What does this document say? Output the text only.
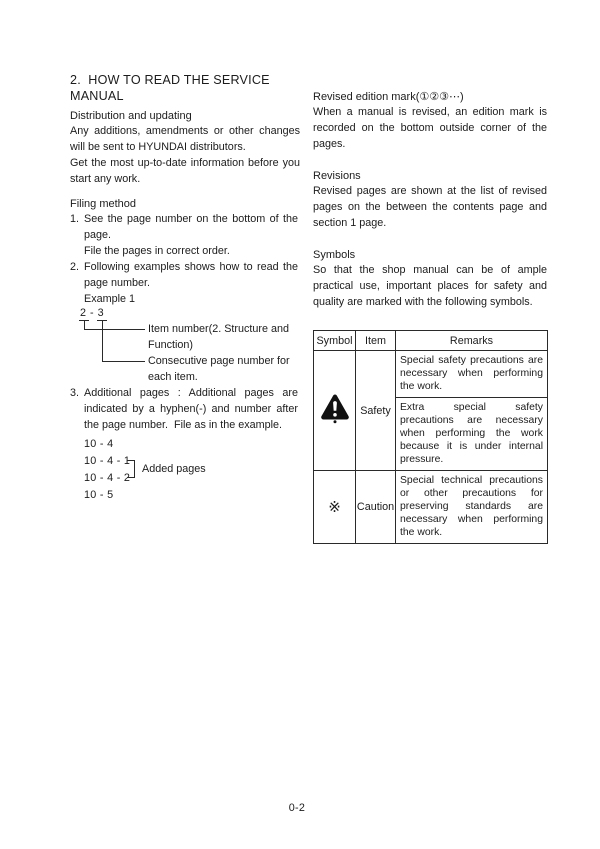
2.  HOW TO READ THE SERVICE MANUAL
Distribution and updating

Any additions, amendments or other changes will be sent to HYUNDAI distributors.

Get the most up-to-date information before you start any work.

Filing method
1. See the page number on the bottom of the page.
File the pages in correct order.
2. Following examples shows how to read the page number.
Example 1
2 - 3
Item number(2. Structure and Function)
Consecutive page number for each item.
3. Additional pages : Additional pages are indicated by a hyphen(-) and number after the page number.  File as in the example.
10 - 4
10 - 4 - 1
10 - 4 - 2
10 - 5
Added pages
Revised edition mark(①②③⋯)

When a manual is revised, an edition mark is recorded on the bottom outside corner of the pages.

Revisions

Revised pages are shown at the list of revised pages on the between the contents page and section 1 page.

Symbols

So that the shop manual can be of ample practical use, important places for safety and quality are marked with the following symbols.

Symbol	Item	Remarks
	Safety	Special safety precautions are necessary when performing the work.
		Extra special safety precautions are necessary when performing the work because it is under internal pressure.
※	Caution	Special technical precautions or other precautions for preserving standards are necessary when performing the work.
0-2
